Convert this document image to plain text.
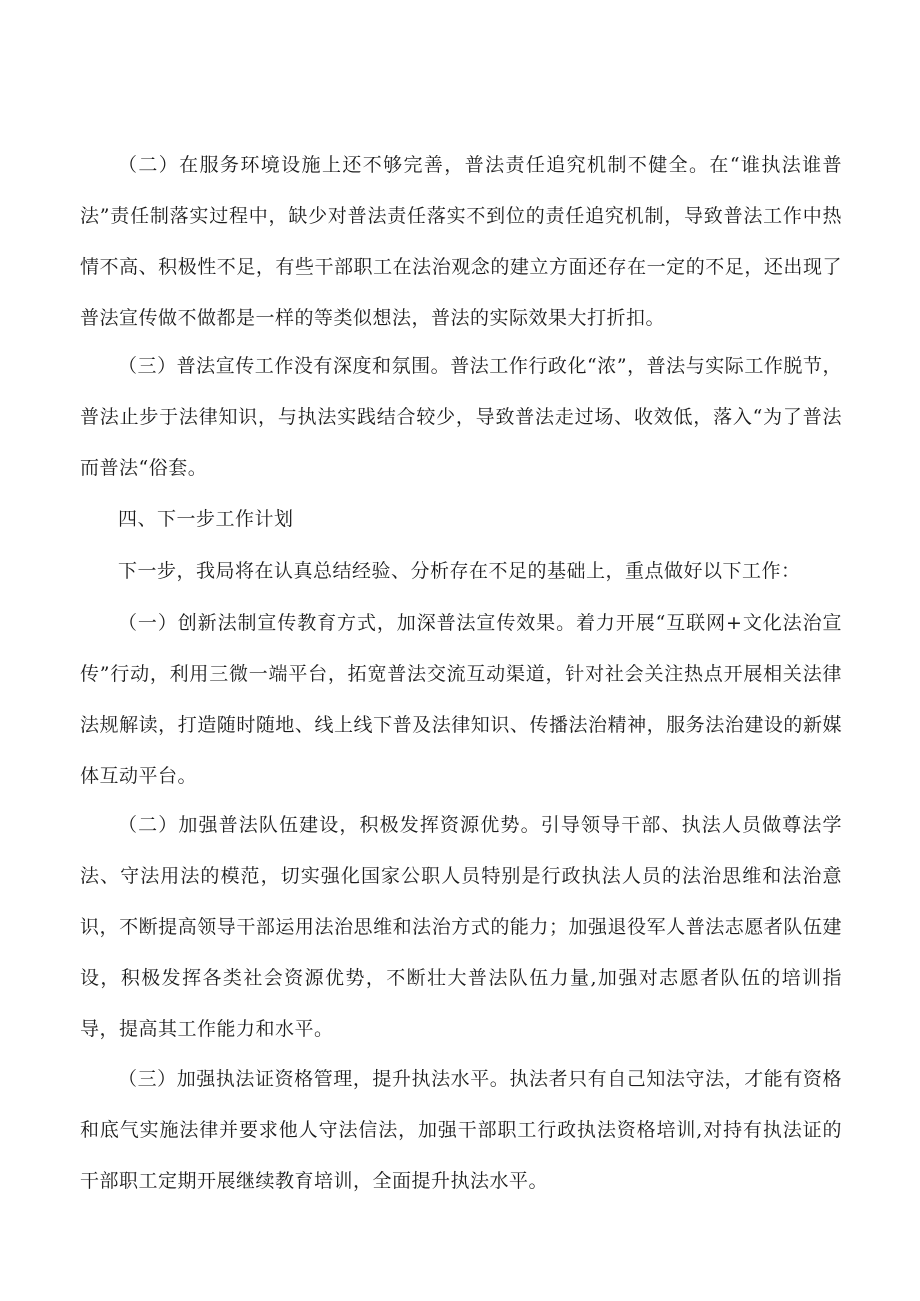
（二）在服务环境设施上还不够完善，普法责任追究机制不健全。在“谁执法谁普法”责任制落实过程中，缺少对普法责任落实不到位的责任追究机制，导致普法工作中热情不高、积极性不足，有些干部职工在法治观念的建立方面还存在一定的不足，还出现了普法宣传做不做都是一样的等类似想法，普法的实际效果大打折扣。

（三）普法宣传工作没有深度和氛围。普法工作行政化“浓”，普法与实际工作脱节，普法止步于法律知识，与执法实践结合较少，导致普法走过场、收效低，落入“为了普法而普法“俗套。

四、下一步工作计划

下一步，我局将在认真总结经验、分析存在不足的基础上，重点做好以下工作：

（一）创新法制宣传教育方式，加深普法宣传效果。着力开展“互联网+文化法治宣传”行动，利用三微一端平台，拓宽普法交流互动渠道，针对社会关注热点开展相关法律法规解读，打造随时随地、线上线下普及法律知识、传播法治精神，服务法治建设的新媒体互动平台。

（二）加强普法队伍建设，积极发挥资源优势。引导领导干部、执法人员做尊法学法、守法用法的模范，切实强化国家公职人员特别是行政执法人员的法治思维和法治意识，不断提高领导干部运用法治思维和法治方式的能力；加强退役军人普法志愿者队伍建设，积极发挥各类社会资源优势，不断壮大普法队伍力量,加强对志愿者队伍的培训指导，提高其工作能力和水平。

（三）加强执法证资格管理，提升执法水平。执法者只有自己知法守法，才能有资格和底气实施法律并要求他人守法信法，加强干部职工行政执法资格培训,对持有执法证的干部职工定期开展继续教育培训，全面提升执法水平。
